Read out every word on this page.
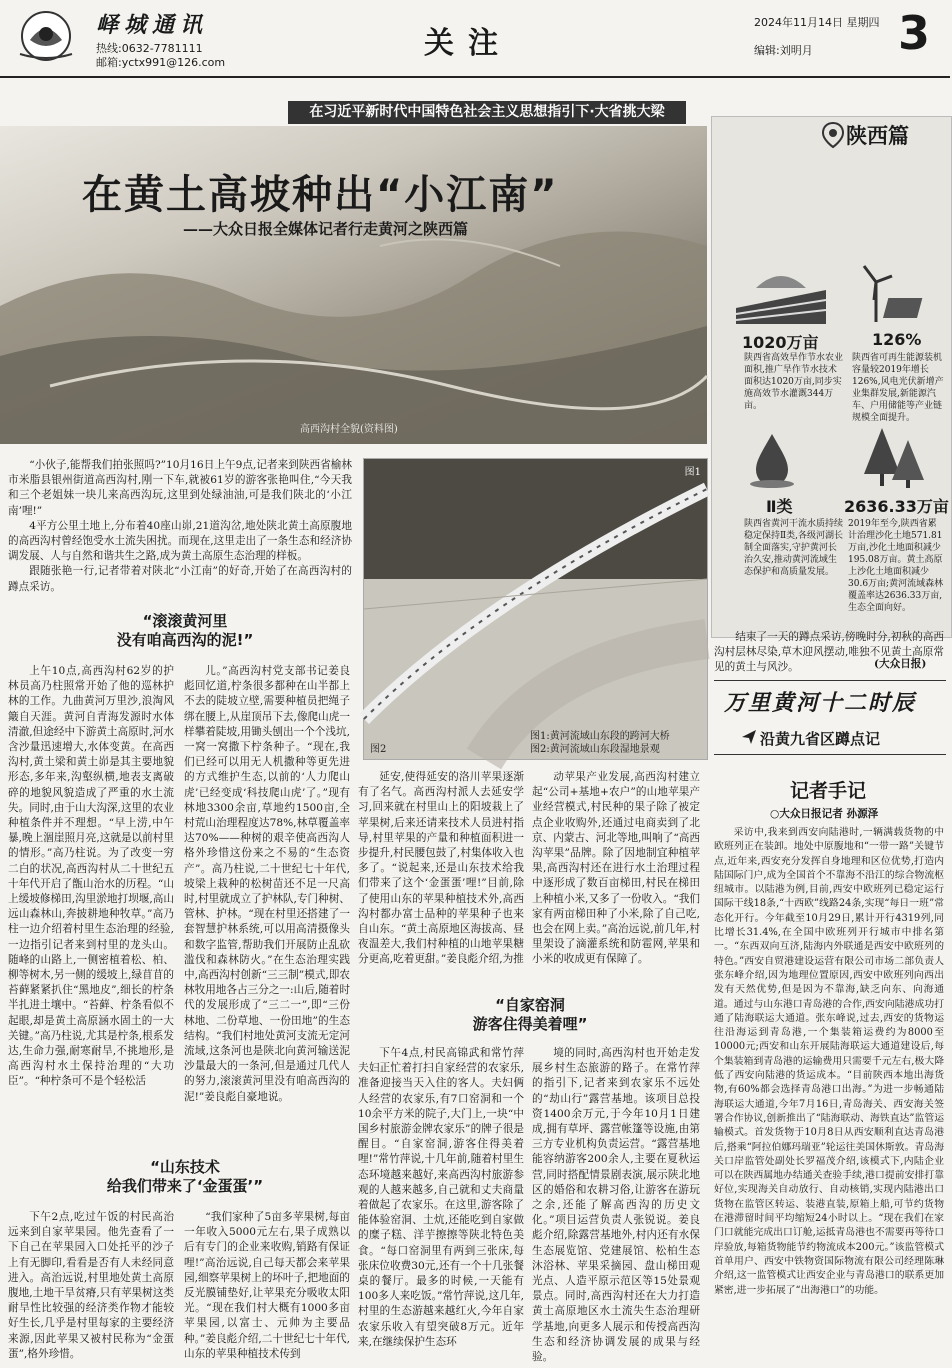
峄城通讯
热线:0632-7781111
邮箱:yctx991@126.com
关注
2024年11月14日 星期四
编辑:刘明月 3
在习近平新时代中国特色社会主义思想指引下·大省挑大梁
在黄土高坡种出“小江南”
——大众日报全媒体记者行走黄河之陕西篇
高西沟村全貌(资料图)

“小伙子,能帮我们拍张照吗?”10月16日上午9点,记者来到陕西省榆林市米脂县银州街道高西沟村,刚一下车,就被61岁的游客张艳叫住,“今天我和三个老姐妹一块儿来高西沟玩,这里到处绿油油,可是我们陕北的‘小江南’哩!”

4平方公里土地上,分布着40座山峁,21道沟岔,地处陕北黄土高原腹地的高西沟村曾经饱受水土流失困扰。而现在,这里走出了一条生态和经济协调发展、人与自然和谐共生之路,成为黄土高原生态治理的样板。

跟随张艳一行,记者带着对陕北“小江南”的好奇,开始了在高西沟村的蹲点采访。

图1
图2
图1:黄河流域山东段的跨河大桥
图2:黄河流域山东段湿地景观
“滚滚黄河里
没有咱高西沟的泥!”

上午10点,高西沟村62岁的护林员高乃柱照常开始了他的巡林护林的工作。九曲黄河万里沙,浪淘风簸自天涯。黄河自青海发源时水体清澈,但途经中下游黄土高原时,河水含沙量迅速增大,水体变黄。在高西沟村,黄土梁和黄土峁是其主要地貌形态,多年来,沟壑纵横,地表支离破碎的地貌风貌造成了严重的水土流失。同时,由于山大沟深,这里的农业种植条件并不理想。“早上涝,中午暴,晚上涸崖照月亮,这就是以前村里的情形。”高乃柱说。为了改变一穷二白的状况,高西沟村从二十世纪五十年代开启了甑山治水的历程。“山上缓坡修梯田,沟里淤地打坝堰,高山远山森林山,奔披耕地种牧草。”高乃柱一边介绍着村里生态治理的经验,一边指引记者来到村里的龙头山。随峰的山路上,一侧密植着松、柏、柳等树木,另一侧的缓坡上,绿苜苜的苔藓紧紧扒住“黑地皮”,细长的柠条半扎进土壤中。“苔藓、柠条看似不起眼,却是黄土高原涵水固土的一大关键。”高乃柱说,尤其是柠条,根系发达,生命力强,耐寒耐旱,不挑地形,是高西沟村水土保持治理的“大功臣”。“种柠条可不是个轻松活

儿。”高西沟村党支部书记姜良彪回忆道,柠条很多都种在山半都上不去的陡坡立壁,需要种植员把绳子绑在腰上,从崖顶吊下去,像爬山虎一样攀着陡坡,用锄头刨出一个个浅坑,一窝一窝撒下柠条种子。“现在,我们已经可以用无人机撒种等更先进的方式维护生态,以前的‘人力爬山虎’已经变成‘科技爬山虎’了。”现有林地3300余亩,草地约1500亩,全村荒山治理程度达78%,林草覆盖率达70%——种树的艰辛使高西沟人格外珍惜这份来之不易的“生态资产”。高乃柱说,二十世纪七十年代,坡梁上栽种的松树苗还不足一尺高时,村里就成立了护林队,专门种树、管林、护林。“现在村里还搭建了一套智慧护林系统,可以用高清摄像头和数字监管,帮助我们开展防止乱砍滥伐和森林防火。”在生态治理实践中,高西沟村创新“三三制”模式,即农林牧用地各占三分之一:山后,随着时代的发展形成了“三二一”,即“三份林地、二份草地、一份田地”的生态结构。“我们村地处黄河支流无定河流域,这条河也是陕北向黄河输送泥沙量最大的一条河,但是通过几代人的努力,滚滚黄河里没有咱高西沟的泥!”姜良彪自豪地说。

“山东技术
给我们带来了‘金蛋蛋’”

下午2点,吃过午饭的村民高治远来到自家苹果园。他先查看了一下自己在苹果园入口处托平的沙子上有无脚印,看看是否有人未经同意进入。高治远说,村里地处黄土高原腹地,土地干旱贫瘠,只有苹果树这类耐旱性比较强的经济类作物才能较好生长,几乎是村里每家的主要经济来源,因此苹果又被村民称为“金蛋蛋”,格外珍惜。

“我们家种了5亩多苹果树,每亩一年收入5000元左右,果子成熟以后有专门的企业来收购,销路有保证哩!”高治远说,自己每天都会来苹果园,细察苹果树上的坏叶子,把地面的反光膜铺垫好,让苹果充分吸收太阳光。“现在我们村大概有1000多亩苹果园,以富士、元帅为主要品种。”姜良彪介绍,二十世纪七十年代,山东的苹果种植技术传到

延安,使得延安的洛川苹果逐渐有了名气。高西沟村派人去延安学习,回来就在村里山上的阳坡栽上了苹果树,后来还请来技术人员进村指导,村里苹果的产量和种植面积进一步提升,村民腰包鼓了,村集体收入也多了。“说起来,还是山东技术给我们带来了这个‘金蛋蛋’哩!”目前,除了使用山东的苹果种植技术外,高西沟村都办富士品种的苹果种子也来自山东。“黄土高原地区海拔高、昼夜温差大,我们村种植的山地苹果糖分更高,吃着更甜。”姜良彪介绍,为推

动苹果产业发展,高西沟村建立起“公司+基地+农户”的山地苹果产业经营模式,村民种的果子除了被定点企业收购外,还通过电商卖到了北京、内蒙古、河北等地,叫响了“高西沟苹果”品牌。除了因地制宜种植苹果,高西沟村还在进行水土治理过程中逐形成了数百亩梯田,村民在梯田上种植小米,又多了一份收入。“我们家有两亩梯田种了小米,除了自己吃,也会在网上卖。”高治远说,前几年,村里架设了滴灌系统和防雹网,苹果和小米的收成更有保障了。

“自家窑洞
游客住得美着哩”

下午4点,村民高锦武和常竹萍夫妇正忙着打扫自家经营的农家乐,准备迎接当天入住的客人。夫妇俩人经营的农家乐,有7口窑洞和一个10余平方米的院子,大门上,一块“中国乡村旅游金牌农家乐”的牌子很是醒目。“自家窑洞,游客住得美着哩!”常竹萍说,十几年前,随着村里生态环境越来越好,来高西沟村旅游参观的人越来越多,自己就和丈夫商量着做起了农家乐。在这里,游客除了能体验窑洞、土炕,还能吃到自家做的糜子糕、洋芋擦擦等陕北特色美食。“每口窑洞里有两到三张床,每张床位收费30元,还有一个十几张餐桌的餐厅。最多的时候,一天能有100多人来吃饭。”常竹萍说,这几年,村里的生态游越来越红火,今年自家农家乐收入有望突破8万元。近年来,在继续保护生态环

境的同时,高西沟村也开始走发展乡村生态旅游的路子。在常竹萍的指引下,记者来到农家乐不远处的“劫山行”露营基地。该项目总投资1400余万元,于今年10月1日建成,拥有草坪、露营帐篷等设施,由第三方专业机构负责运营。“露营基地能容纳游客200余人,主要在夏秋运营,同时搭配情景剧表演,展示陕北地区的婚俗和农耕习俗,让游客在游玩之余,还能了解高西沟的历史文化。”项目运营负责人张锐说。姜良彪介绍,除露营基地外,村内还有水保生态展览馆、党建展馆、松柏生态沐浴林、苹果采摘园、盘山梯田观光点、人造平原示范区等15处景观景点。同时,高西沟村还在大力打造黄土高原地区水土流失生态治理研学基地,向更多人展示和传授高西沟生态和经济协调发展的成果与经验。

陕西篇
1020万亩
陕西省高效旱作节水农业面积,推广旱作节水技术面积达1020万亩,同步实施高效节水灌溉344万亩。
126%
陕西省可再生能源装机容量较2019年增长126%,风电光伏新增产业集群发展,新能源汽车、户用储能等产业链规模全面提升。
Ⅱ类
陕西省黄河干流水质持续稳定保持Ⅱ类,各级河湖长制全面落实,守护黄河长治久安,推动黄河流域生态保护和高质量发展。
2636.33万亩
2019年至今,陕西省累计治理沙化土地571.81万亩,沙化土地面积减少195.08万亩。黄土高原上沙化土地面积减少30.6万亩;黄河流域森林覆盖率达2636.33万亩,生态全面向好。

结束了一天的蹲点采访,傍晚时分,初秋的高西沟村层林尽染,草木迎风摆动,唯独不见黄土高原常见的黄土与风沙。	(大众日报)
万里黄河十二时辰
沿黄九省区蹲点记
记者手记
○大众日报记者 孙源泽

采访中,我来到西安向陆港时,一辆满载货物的中欧班列正在装卸。地处中原腹地和“一带一路”关键节点,近年来,西安充分发挥自身地理和区位优势,打造内陆国际门户,成为全国首个不靠海不沿江的综合物流枢纽城市。以陆港为例,目前,西安中欧班列已稳定运行国际干线18条,“十西欧”线路24条,实现“每日一班”常态化开行。今年截至10月29日,累计开行4319列,同比增长31.4%,在全国中欧班列开行城市中排名第一。“东西双向互济,陆海内外联通是西安中欧班列的特色。”西安自贸港建设运营有限公司市场二部负责人张东峰介绍,因为地理位置原因,西安中欧班列向西出发有天然优势,但是因为不靠海,缺乏向东、向海通道。通过与山东港口青岛港的合作,西安向陆港成功打通了陆海联运大通道。张东峰说,过去,西安的货物运往沿海运到青岛港,一个集装箱运费约为8000至10000元;西安和山东开展陆海联运大通道建设后,每个集装箱到青岛港的运输费用只需要千元左右,极大降低了西安向陆港的货运成本。“目前陕西本地出海货物,有60%都会选择青岛港口出海。”为进一步畅通陆海联运大通道,今年7月16日,青岛海关、西安海关签署合作协议,创新推出了“陆海联动、海铁直达”监管运输模式。首发货物于10月8日从西安顺利直达青岛港后,搭乘“阿拉伯娜玛瑞亚”轮运往美国休斯敦。青岛海关口岸监管处副处长罗福茂介绍,该模式下,内陆企业可以在陕西属地办结通关查验手续,港口提前安排打靠好位,实现海关自动放行、自动核销,实现内陆港出口货物在监管区转运、装港直装,原箱上船,可节约货物在港滞留时间平均缩短24小时以上。“现在我们在家门口就能完成出口订舱,运抵青岛港也不需要再等待口岸验放,每箱货物能节约物流成本200元。”该监管模式首单用户、西安中铁物资国际物流有限公司经理陈琳介绍,这一监管模式让西安企业与青岛港口的联系更加紧密,进一步拓展了“出海港口”的功能。
